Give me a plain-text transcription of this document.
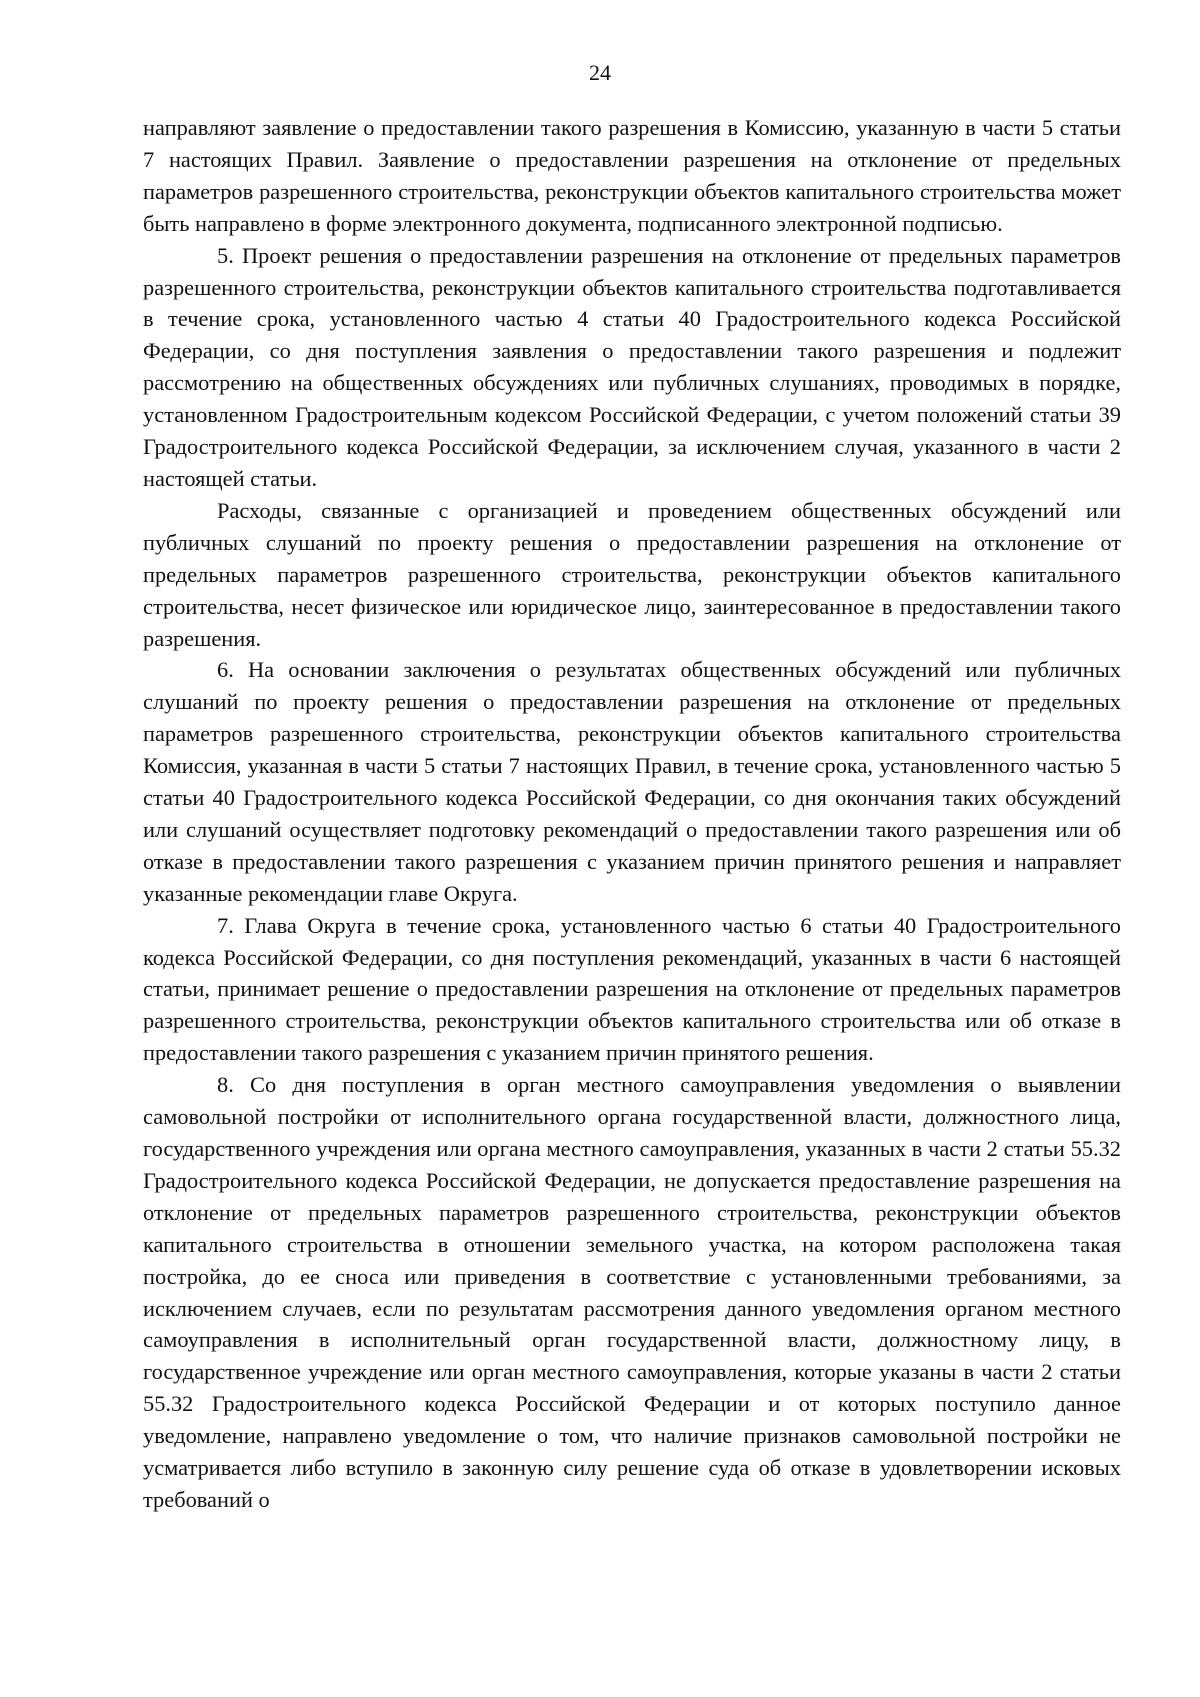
24

направляют заявление о предоставлении такого разрешения в Комиссию, указанную в части 5 статьи 7 настоящих Правил. Заявление о предоставлении разрешения на отклонение от предельных параметров разрешенного строительства, реконструкции объектов капитального строительства может быть направлено в форме электронного документа, подписанного электронной подписью.

5. Проект решения о предоставлении разрешения на отклонение от предельных параметров разрешенного строительства, реконструкции объектов капитального строительства подготавливается в течение срока, установленного частью 4 статьи 40 Градостроительного кодекса Российской Федерации, со дня поступления заявления о предоставлении такого разрешения и подлежит рассмотрению на общественных обсуждениях или публичных слушаниях, проводимых в порядке, установленном Градостроительным кодексом Российской Федерации, с учетом положений статьи 39 Градостроительного кодекса Российской Федерации, за исключением случая, указанного в части 2 настоящей статьи.

Расходы, связанные с организацией и проведением общественных обсуждений или публичных слушаний по проекту решения о предоставлении разрешения на отклонение от предельных параметров разрешенного строительства, реконструкции объектов капитального строительства, несет физическое или юридическое лицо, заинтересованное в предоставлении такого разрешения.

6. На основании заключения о результатах общественных обсуждений или публичных слушаний по проекту решения о предоставлении разрешения на отклонение от предельных параметров разрешенного строительства, реконструкции объектов капитального строительства Комиссия, указанная в части 5 статьи 7 настоящих Правил, в течение срока, установленного частью 5 статьи 40 Градостроительного кодекса Российской Федерации, со дня окончания таких обсуждений или слушаний осуществляет подготовку рекомендаций о предоставлении такого разрешения или об отказе в предоставлении такого разрешения с указанием причин принятого решения и направляет указанные рекомендации главе Округа.

7. Глава Округа в течение срока, установленного частью 6 статьи 40 Градостроительного кодекса Российской Федерации, со дня поступления рекомендаций, указанных в части 6 настоящей статьи, принимает решение о предоставлении разрешения на отклонение от предельных параметров разрешенного строительства, реконструкции объектов капитального строительства или об отказе в предоставлении такого разрешения с указанием причин принятого решения.

8. Со дня поступления в орган местного самоуправления уведомления о выявлении самовольной постройки от исполнительного органа государственной власти, должностного лица, государственного учреждения или органа местного самоуправления, указанных в части 2 статьи 55.32 Градостроительного кодекса Российской Федерации, не допускается предоставление разрешения на отклонение от предельных параметров разрешенного строительства, реконструкции объектов капитального строительства в отношении земельного участка, на котором расположена такая постройка, до ее сноса или приведения в соответствие с установленными требованиями, за исключением случаев, если по результатам рассмотрения данного уведомления органом местного самоуправления в исполнительный орган государственной власти, должностному лицу, в государственное учреждение или орган местного самоуправления, которые указаны в части 2 статьи 55.32 Градостроительного кодекса Российской Федерации и от которых поступило данное уведомление, направлено уведомление о том, что наличие признаков самовольной постройки не усматривается либо вступило в законную силу решение суда об отказе в удовлетворении исковых требований о
